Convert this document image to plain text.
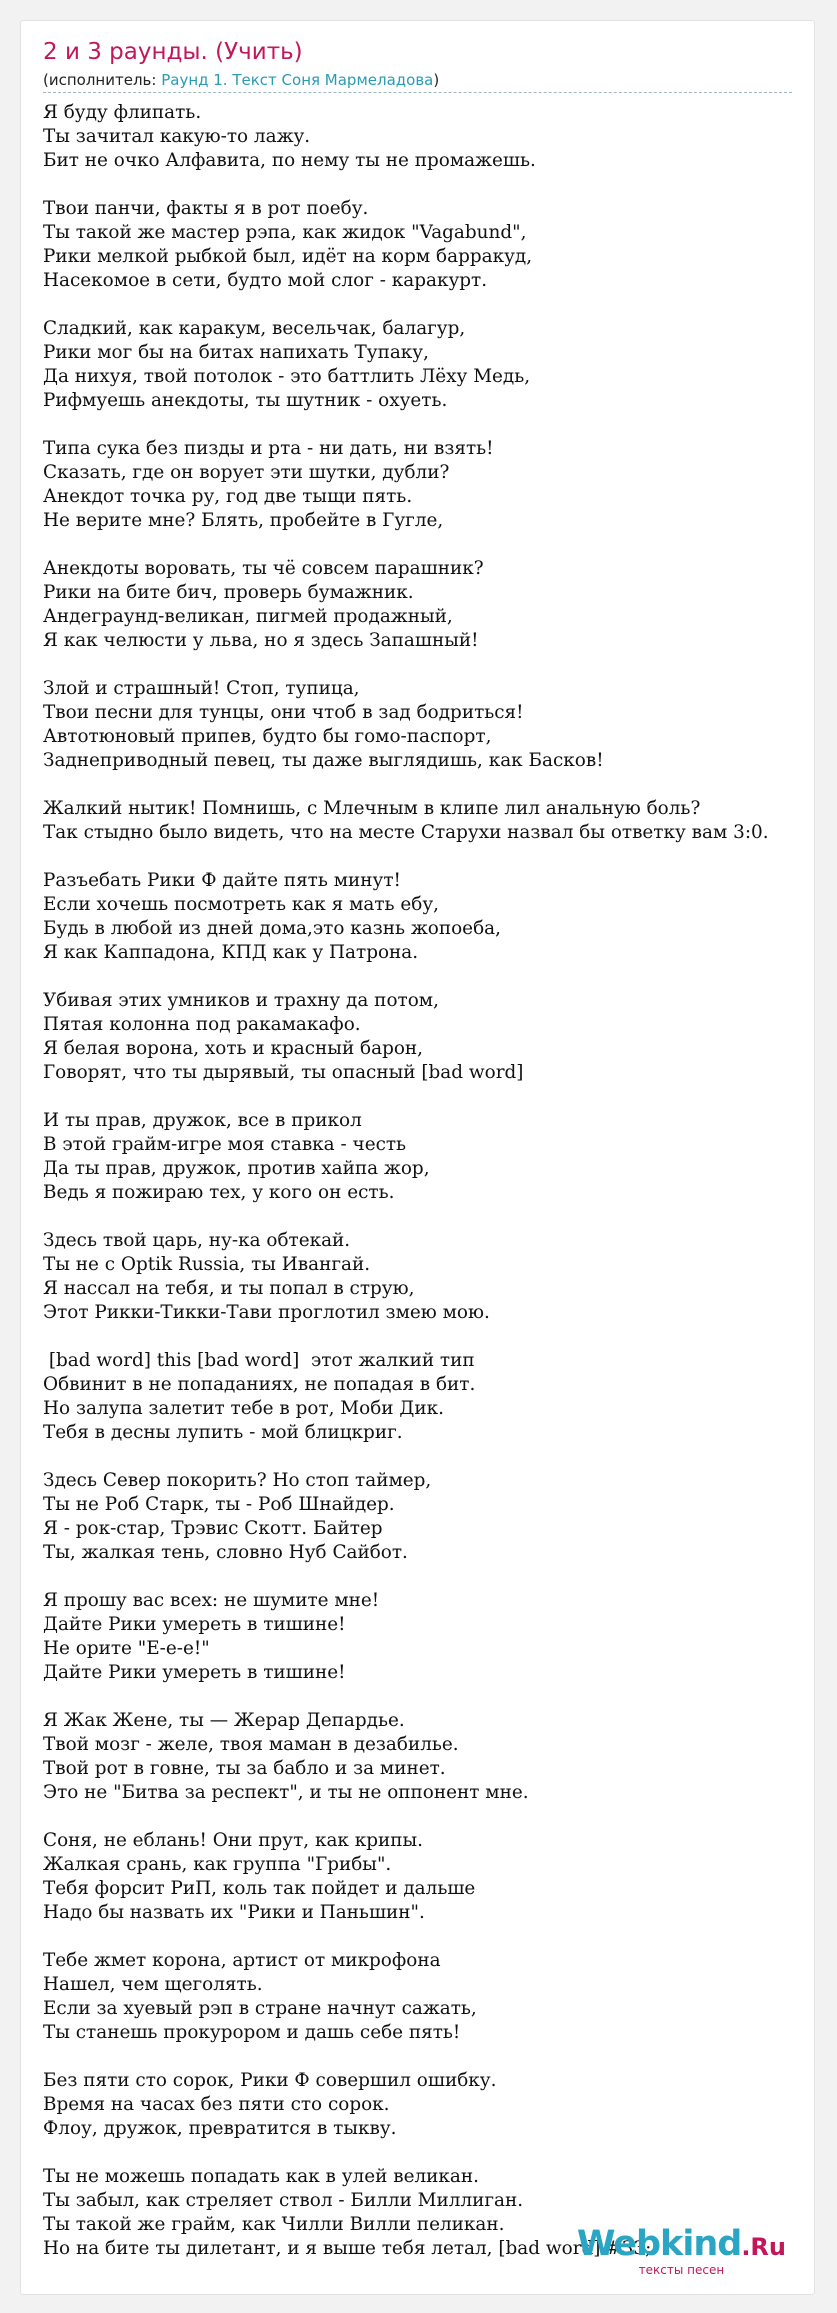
2 и 3 раунды. (Учить)
(исполнитель: Раунд 1. Текст Соня Мармеладова)
Я буду флипать.
Ты зачитал какую-то лажу.
Бит не очко Алфавита, по нему ты не промажешь.
Твои панчи, факты я в рот поебу.
Ты такой же мастер рэпа, как жидок "Vagabund",
Рики мелкой рыбкой был, идёт на корм барракуд,
Насекомое в сети, будто мой слог - каракурт.
Сладкий, как каракум, весельчак, балагур,
Рики мог бы на битах напихать Тупаку,
Да нихуя, твой потолок - это баттлить Лёху Медь,
Рифмуешь анекдоты, ты шутник - охуеть.
Типа сука без пизды и рта - ни дать, ни взять!
Сказать, где он ворует эти шутки, дубли?
Анекдот точка ру, год две тыщи пять.
Не верите мне? Блять, пробейте в Гугле,
Анекдоты воровать, ты чё совсем парашник?
Рики на бите бич, проверь бумажник.
Андеграунд-великан, пигмей продажный,
Я как челюсти у льва, но я здесь Запашный!
Злой и страшный! Стоп, тупица,
Твои песни для тунцы, они чтоб в зад бодриться!
Автотюновый припев, будто бы гомо-паспорт,
Заднеприводный певец, ты даже выглядишь, как Басков!
Жалкий нытик! Помнишь, с Млечным в клипе лил анальную боль?
Так стыдно было видеть, что на месте Старухи назвал бы ответку вам 3:0.
Разъебать Рики Ф дайте пять минут!
Если хочешь посмотреть как я мать ебу,
Будь в любой из дней дома,это казнь жопоеба,
Я как Каппадона, КПД как у Патрона.
Убивая этих умников и трахну да потом,
Пятая колонна под ракамакафо.
Я белая ворона, хоть и красный барон,
Говорят, что ты дырявый, ты опасный [bad word]
И ты прав, дружок, все в прикол
В этой грайм-игре моя ставка - честь
Да ты прав, дружок, против хайпа жор,
Ведь я пожираю тех, у кого он есть.
Здесь твой царь, ну-ка обтекай.
Ты не с Optik Russia, ты Ивангай.
Я нассал на тебя, и ты попал в струю,
Этот Рикки-Тикки-Тави проглотил змею мою.
[bad word] this [bad word]  этот жалкий тип
Обвинит в не попаданиях, не попадая в бит.
Но залупа залетит тебе в рот, Моби Дик.
Тебя в десны лупить - мой блицкриг.
Здесь Север покорить? Но стоп таймер,
Ты не Роб Старк, ты - Роб Шнайдер.
Я - рок-стар, Трэвис Скотт. Байтер
Ты, жалкая тень, словно Нуб Сайбот.
Я прошу вас всех: не шумите мне!
Дайте Рики умереть в тишине!
Не орите "Е-е-е!"
Дайте Рики умереть в тишине!
Я Жак Жене, ты — Жерар Депардье.
Твой мозг - желе, твоя маман в дезабилье.
Твой рот в говне, ты за бабло и за минет.
Это не "Битва за респект", и ты не оппонент мне.
Соня, не еблань! Они прут, как крипы.
Жалкая срань, как группа "Грибы".
Тебя форсит РиП, коль так пойдет и дальше
Надо бы назвать их "Рики и Паньшин".
Тебе жмет корона, артист от микрофона
Нашел, чем щеголять.
Если за хуевый рэп в стране начнут сажать,
Ты станешь прокурором и дашь себе пять!
Без пяти сто сорок, Рики Ф совершил ошибку.
Время на часах без пяти сто сорок.
Флоу, дружок, превратится в тыкву.
Ты не можешь попадать как в улей великан.
Ты забыл, как стреляет ствол - Билли Миллиган.
Ты такой же грайм, как Чилли Вилли пеликан.
Но на бите ты дилетант, и я выше тебя летал, [bad word] #33;
Webkind.Ru
тексты песен
